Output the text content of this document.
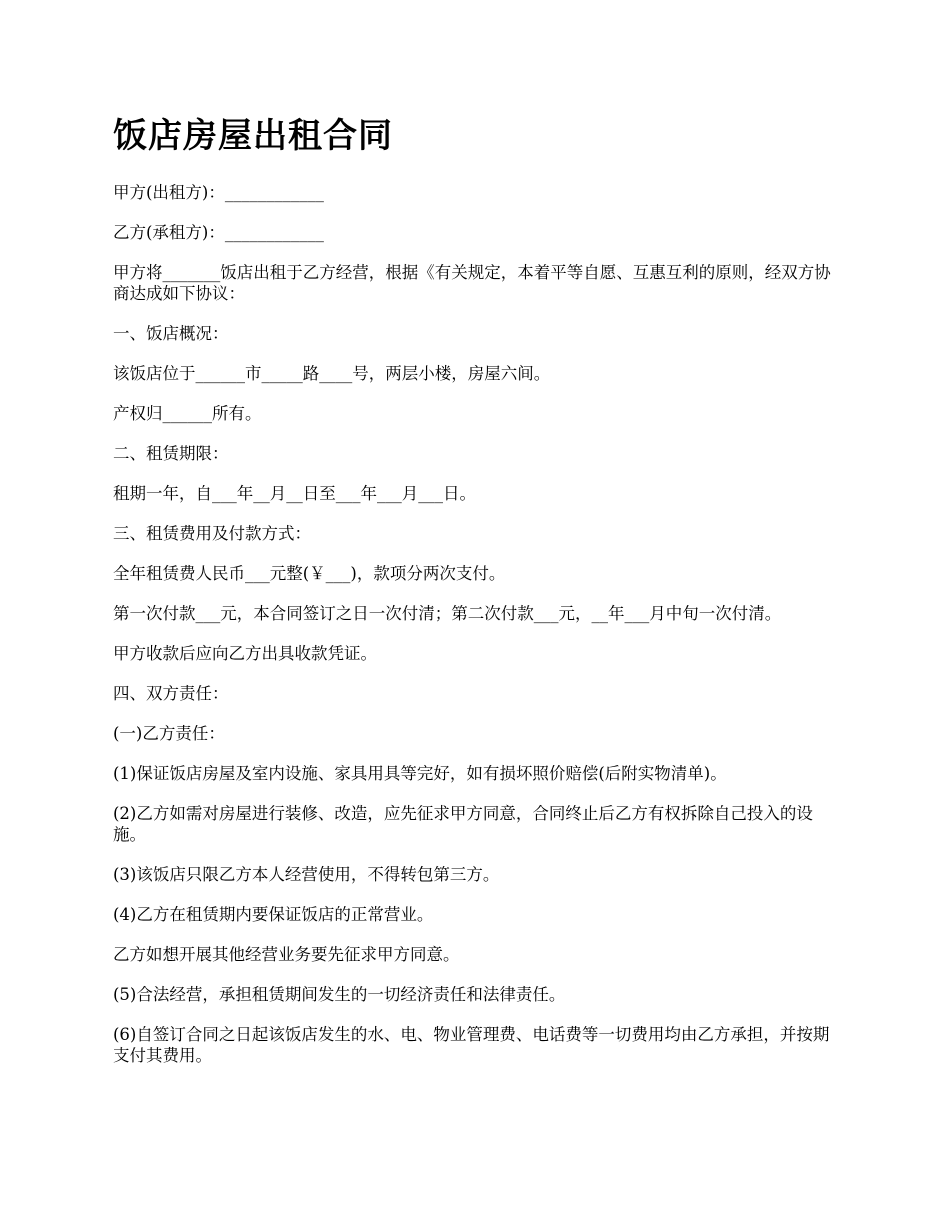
饭店房屋出租合同

甲方(出租方)：____________

乙方(承租方)：____________

甲方将_______饭店出租于乙方经营，根据《有关规定，本着平等自愿、互惠互利的原则，经双方协商达成如下协议：

一、饭店概况：

该饭店位于______市_____路____号，两层小楼，房屋六间。

产权归______所有。

二、租赁期限：

租期一年，自___年__月__日至___年___月___日。

三、租赁费用及付款方式：

全年租赁费人民币___元整(￥___)，款项分两次支付。

第一次付款___元，本合同签订之日一次付清；第二次付款___元，__年___月中旬一次付清。

甲方收款后应向乙方出具收款凭证。

四、双方责任：

(一)乙方责任：

(1)保证饭店房屋及室内设施、家具用具等完好，如有损坏照价赔偿(后附实物清单)。

(2)乙方如需对房屋进行装修、改造，应先征求甲方同意，合同终止后乙方有权拆除自己投入的设施。

(3)该饭店只限乙方本人经营使用，不得转包第三方。

(4)乙方在租赁期内要保证饭店的正常营业。

乙方如想开展其他经营业务要先征求甲方同意。

(5)合法经营，承担租赁期间发生的一切经济责任和法律责任。

(6)自签订合同之日起该饭店发生的水、电、物业管理费、电话费等一切费用均由乙方承担，并按期支付其费用。
